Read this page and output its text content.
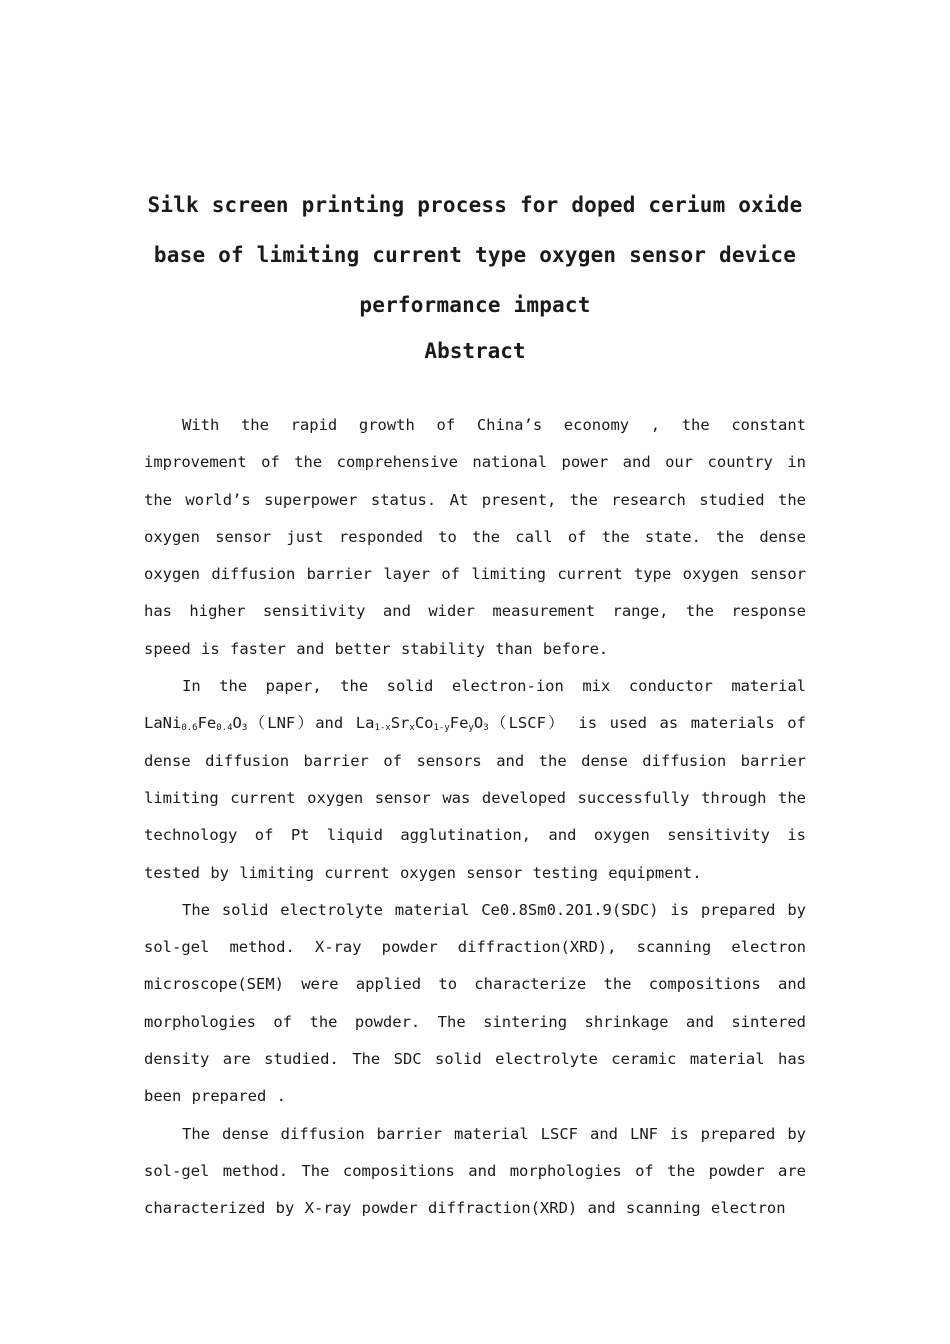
Silk screen printing process for doped cerium oxide
base of limiting current type oxygen sensor device
performance impact
Abstract

With the rapid growth of China’s economy , the constant improvement of the comprehensive national power and our country in the world’s superpower status. At present, the research studied the oxygen sensor just responded to the call of the state. the dense oxygen diffusion barrier layer of limiting current type oxygen sensor has higher sensitivity and wider measurement range, the response speed is faster and better stability than before.

In the paper, the solid electron-ion mix conductor material $LaNi_{0.6}Fe_{0.4}O_3(LNF)and$ $La_{1-x}Sr_xCo_{1-y}Fe_yO_3(LSCF)$ is used as materials of dense diffusion barrier of sensors and the dense diffusion barrier limiting current oxygen sensor was developed successfully through the technology of Pt liquid agglutination, and oxygen sensitivity is tested by limiting current oxygen sensor testing equipment.

The solid electrolyte material Ce0.8Sm0.2O1.9(SDC) is prepared by sol-gel method. X-ray powder diffraction(XRD), scanning electron microscope(SEM) were applied to characterize the compositions and morphologies of the powder. The sintering shrinkage and sintered density are studied. The SDC solid electrolyte ceramic material has been prepared .

The dense diffusion barrier material LSCF and LNF is prepared by sol-gel method. The compositions and morphologies of the powder are characterized by X-ray powder diffraction(XRD) and scanning electron
